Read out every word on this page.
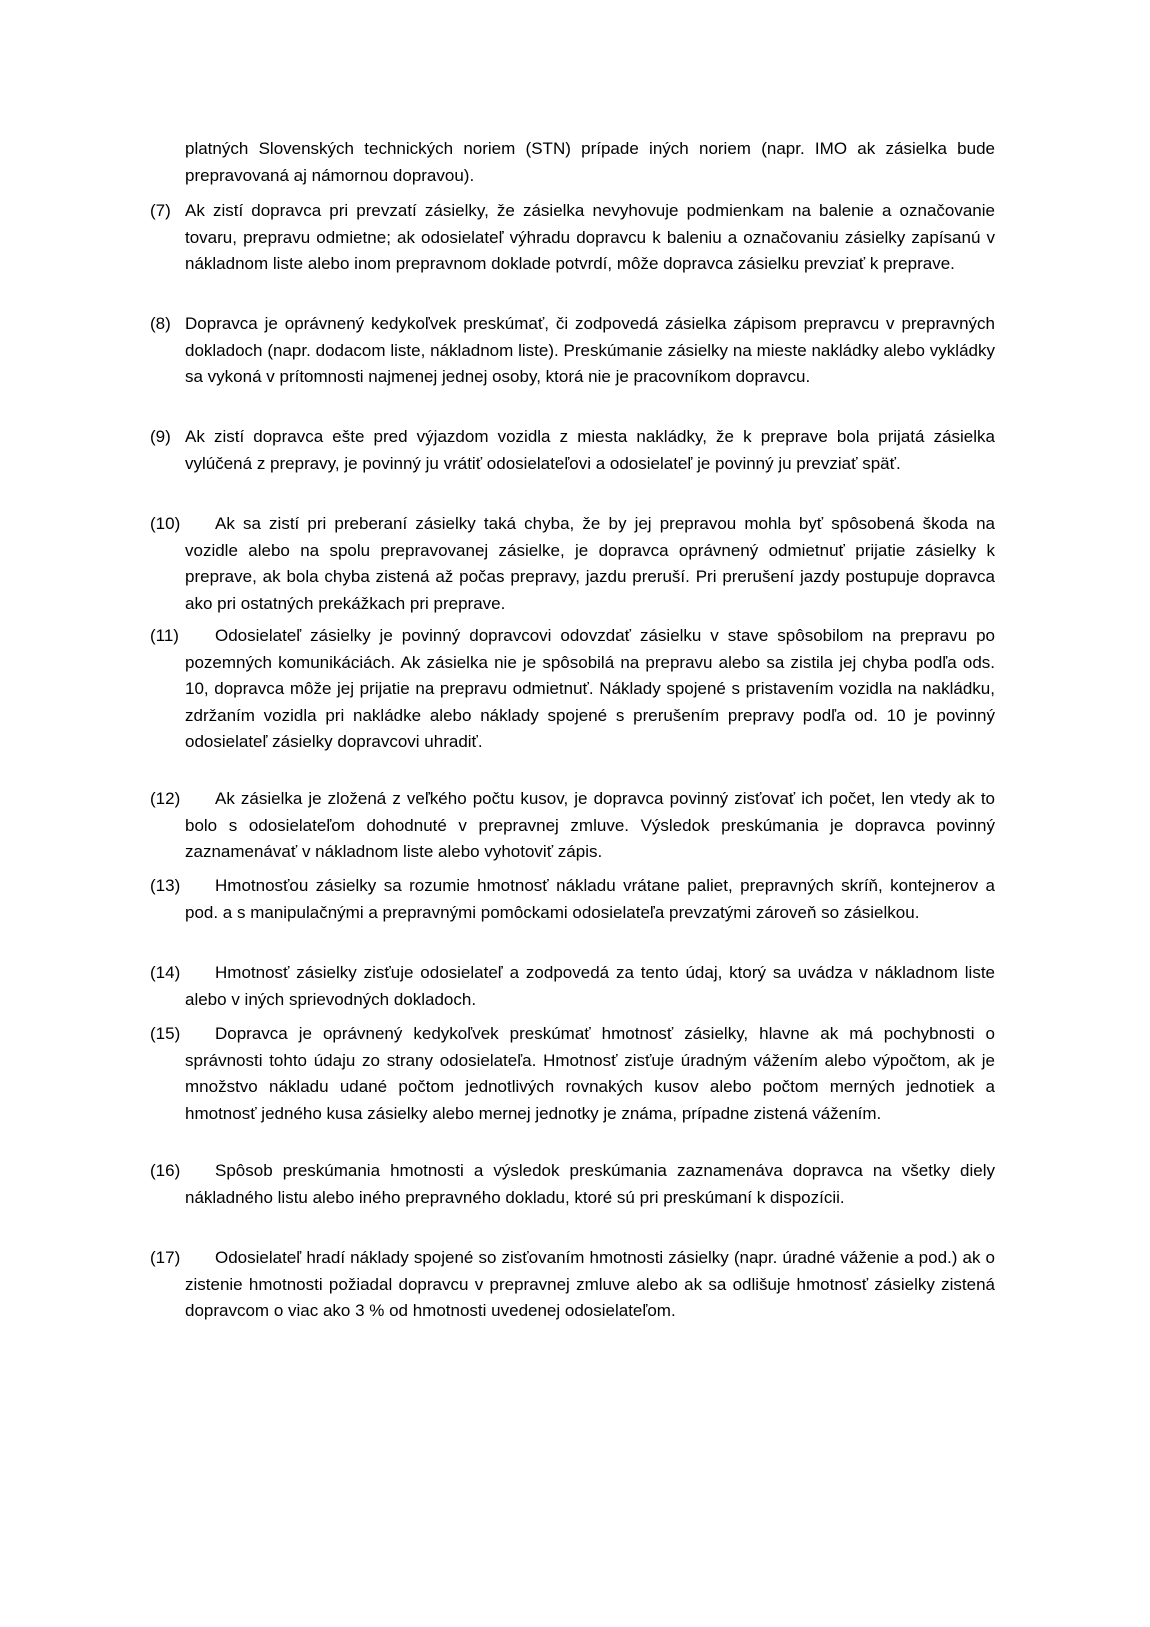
platných Slovenských technických noriem (STN) prípade iných noriem (napr. IMO ak zásielka bude prepravovaná aj námornou dopravou).
(7) Ak zistí dopravca pri prevzatí zásielky, že zásielka nevyhovuje podmienkam na balenie a označovanie tovaru, prepravu odmietne; ak odosielateľ výhradu dopravcu k baleniu a označovaniu zásielky zapísanú v nákladnom liste alebo inom prepravnom doklade potvrdí, môže dopravca zásielku prevziať k preprave.
(8) Dopravca je oprávnený kedykoľvek preskúmať, či zodpovedá zásielka zápisom prepravcu v prepravných dokladoch (napr. dodacom liste, nákladnom liste). Preskúmanie zásielky na mieste nakládky alebo vykládky sa vykoná v prítomnosti najmenej jednej osoby, ktorá nie je pracovníkom dopravcu.
(9) Ak zistí dopravca ešte pred výjazdom vozidla z miesta nakládky, že k preprave bola prijatá zásielka vylúčená z prepravy, je povinný ju vrátiť odosielateľovi a odosielateľ je povinný ju prevziať späť.
(10)	Ak sa zistí pri preberaní zásielky taká chyba, že by jej prepravou mohla byť spôsobená škoda na vozidle alebo na spolu prepravovanej zásielke, je dopravca oprávnený odmietnuť prijatie zásielky k preprave, ak bola chyba zistená až počas prepravy, jazdu preruší. Pri prerušení jazdy postupuje dopravca ako pri ostatných prekážkach pri preprave.
(11)	Odosielateľ zásielky je povinný dopravcovi odovzdať zásielku v stave spôsobilom na prepravu po pozemných komunikáciách. Ak zásielka nie je spôsobilá na prepravu alebo sa zistila jej chyba podľa ods. 10, dopravca môže jej prijatie na prepravu odmietnuť. Náklady spojené s pristavením vozidla na nakládku, zdržaním vozidla pri nakládke alebo náklady spojené s prerušením prepravy podľa od. 10 je povinný odosielateľ zásielky dopravcovi uhradiť.
(12)	Ak zásielka je zložená z veľkého počtu kusov, je dopravca povinný zisťovať ich počet, len vtedy ak to bolo s odosielateľom dohodnuté v prepravnej zmluve. Výsledok preskúmania je dopravca povinný zaznamenávať v nákladnom liste alebo vyhotoviť zápis.
(13)	Hmotnosťou zásielky sa rozumie hmotnosť nákladu vrátane paliet, prepravných skríň, kontejnerov a pod. a s manipulačnými a prepravnými pomôckami odosielateľa prevzatými zároveň so zásielkou.
(14)	Hmotnosť zásielky zisťuje odosielateľ a zodpovedá za tento údaj, ktorý sa uvádza v nákladnom liste alebo v iných sprievodných dokladoch.
(15)	Dopravca je oprávnený kedykoľvek preskúmať hmotnosť zásielky, hlavne ak má pochybnosti o správnosti tohto údaju zo strany odosielateľa. Hmotnosť zisťuje úradným vážením alebo výpočtom, ak je množstvo nákladu udané počtom jednotlivých rovnakých kusov alebo počtom merných jednotiek a hmotnosť jedného kusa zásielky alebo mernej jednotky je známa, prípadne zistená vážením.
(16)	Spôsob preskúmania hmotnosti a výsledok preskúmania zaznamenáva dopravca na všetky diely nákladného listu alebo iného prepravného dokladu, ktoré sú pri preskúmaní k dispozícii.
(17)	Odosielateľ hradí náklady spojené so zisťovaním hmotnosti zásielky (napr. úradné váženie a pod.) ak o zistenie hmotnosti požiadal dopravcu v prepravnej zmluve alebo ak sa odlišuje hmotnosť zásielky zistená dopravcom o viac ako 3 % od hmotnosti uvedenej odosielateľom.
